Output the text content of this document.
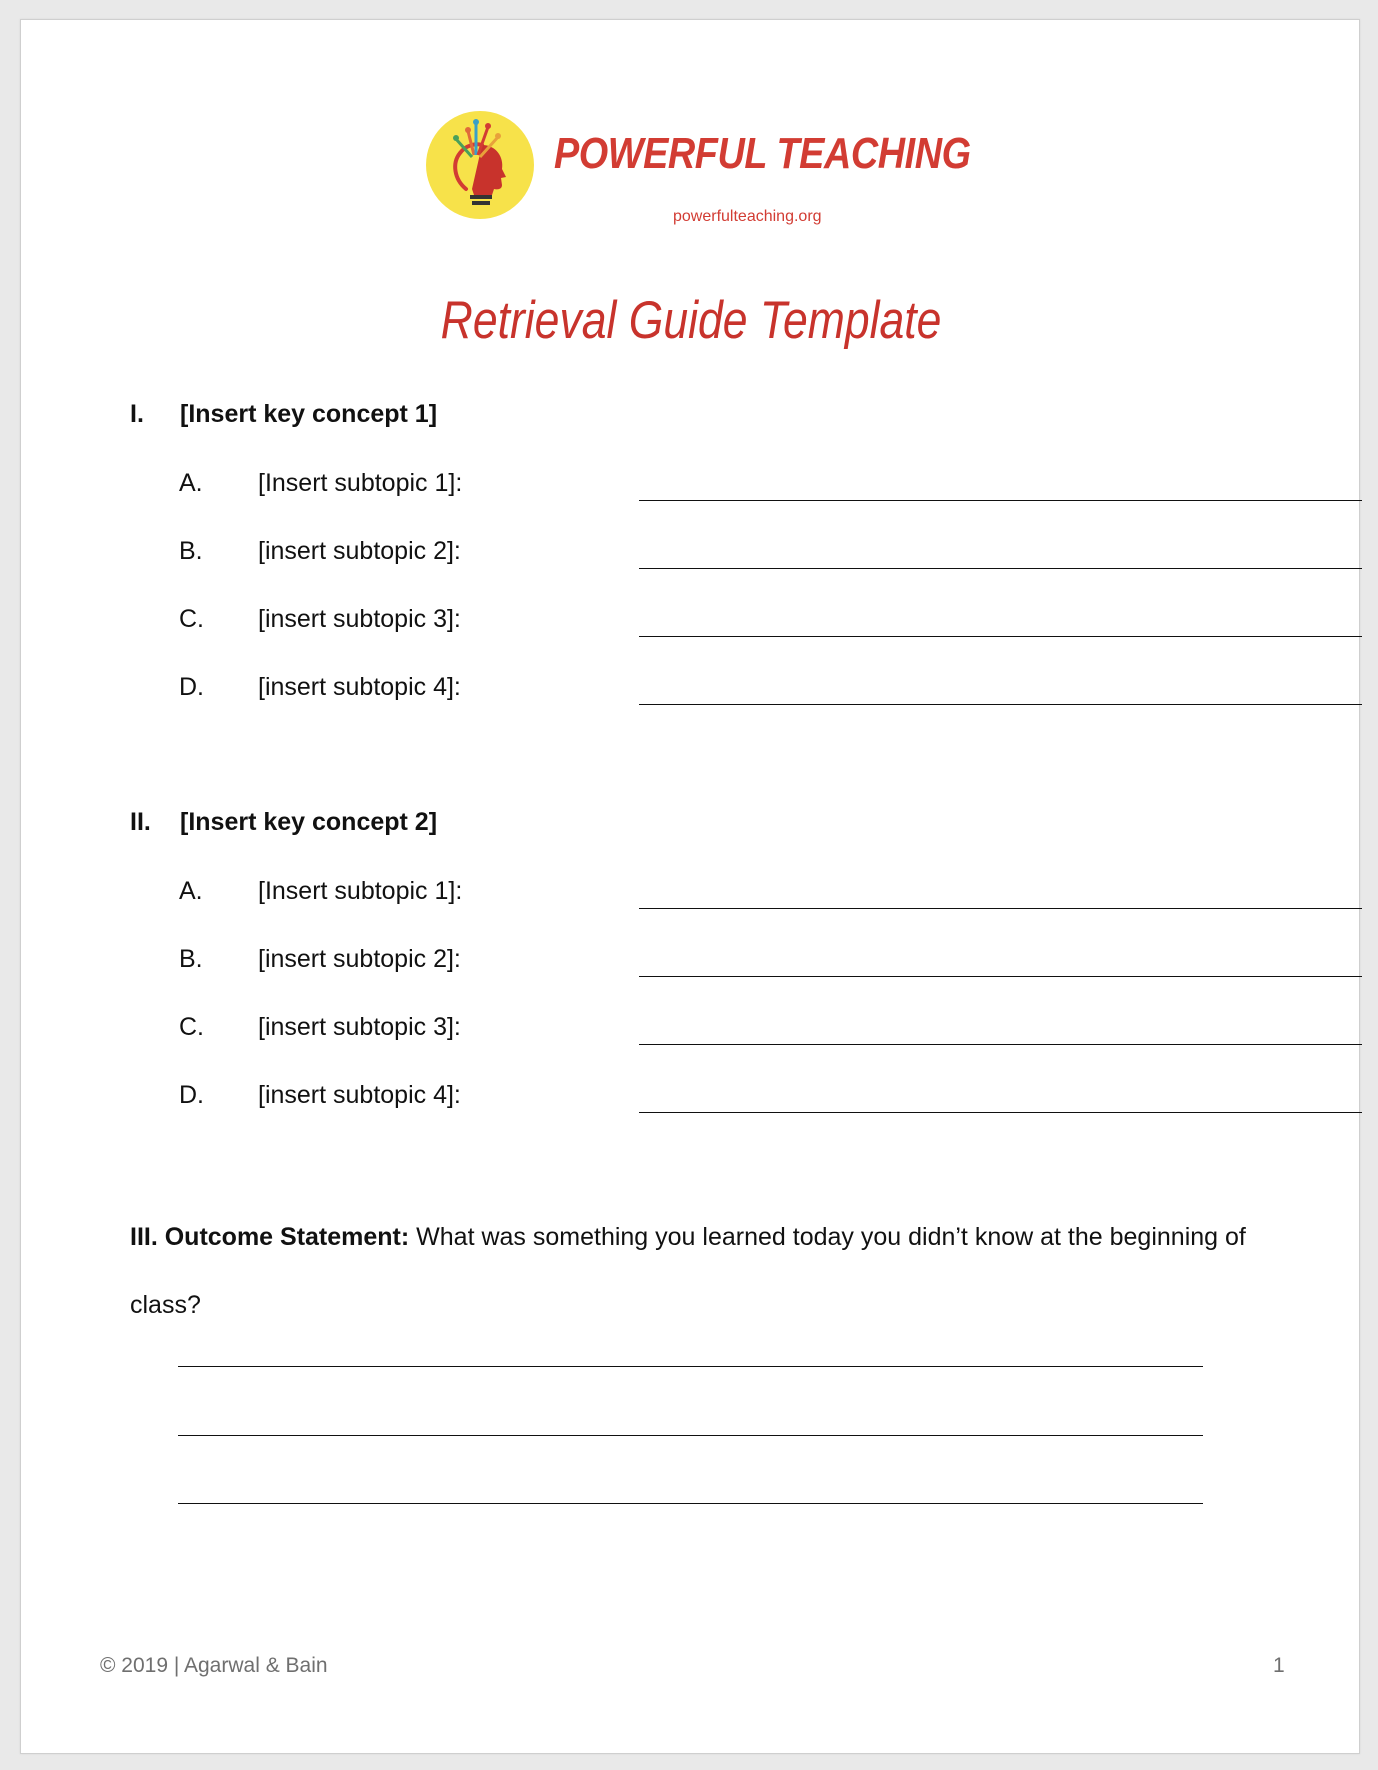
POWERFUL TEACHING
powerfulteaching.org
Retrieval Guide Template
I. [Insert key concept 1]
A. [Insert subtopic 1]:
B. [insert subtopic 2]:
C. [insert subtopic 3]:
D. [insert subtopic 4]:
II. [Insert key concept 2]
A. [Insert subtopic 1]:
B. [insert subtopic 2]:
C. [insert subtopic 3]:
D. [insert subtopic 4]:
III. Outcome Statement: What was something you learned today you didn’t know at the beginning of class?
© 2019 | Agarwal & Bain	1
